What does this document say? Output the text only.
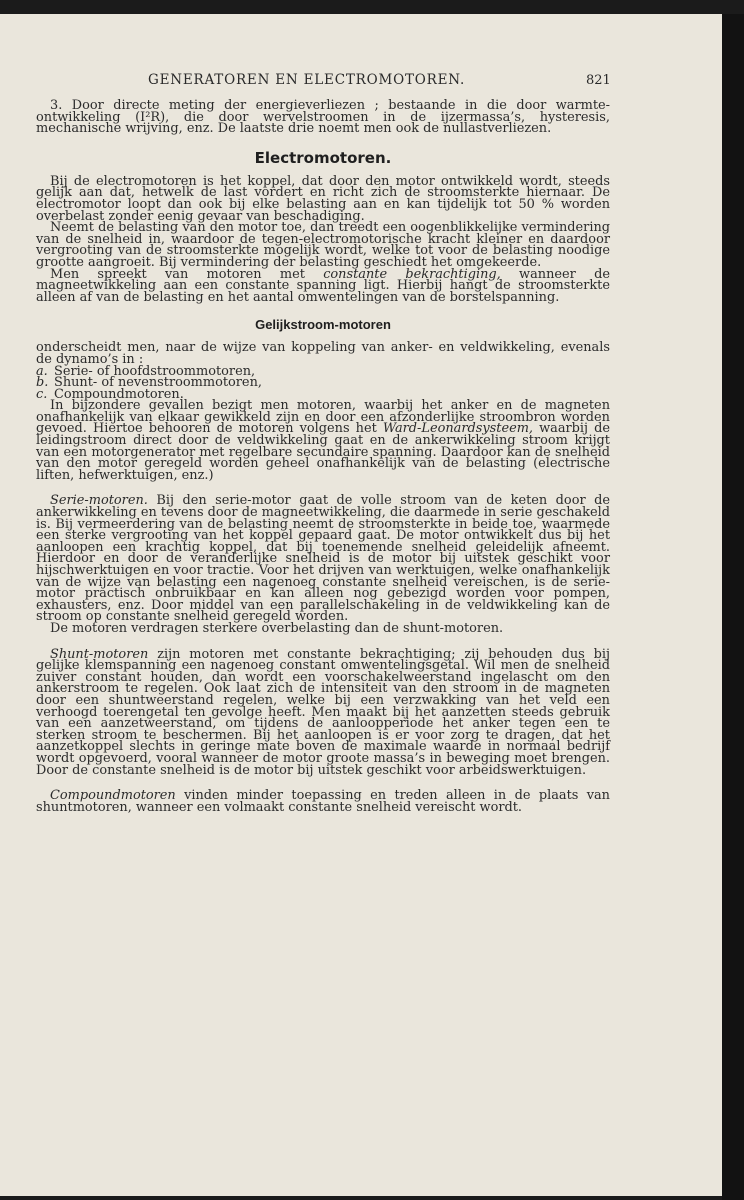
GENERATOREN EN ELECTROMOTOREN.	821

3. Door directe meting der energieverliezen ; bestaande in die door warmte-ontwikkeling (I²R), die door wervelstroomen in de ijzermassa’s, hysteresis, mechanische wrijving, enz. De laatste drie noemt men ook de nullastverliezen.

Electromotoren.

Bij de electromotoren is het koppel, dat door den motor ontwikkeld wordt, steeds gelijk aan dat, hetwelk de last vordert en richt zich de stroomsterkte hiernaar. De electromotor loopt dan ook bij elke belasting aan en kan tijdelijk tot 50 % worden overbelast zonder eenig gevaar van beschadiging.

Neemt de belasting van den motor toe, dan treedt een oogenblikkelijke vermindering van de snelheid in, waardoor de tegen-electromotorische kracht kleiner en daardoor vergrooting van de stroomsterkte mogelijk wordt, welke tot voor de belasting noodige grootte aangroeit. Bij vermindering der belasting geschiedt het omgekeerde.

Men spreekt van motoren met constante bekrachtiging, wanneer de magneetwikkeling aan een constante spanning ligt. Hierbij hangt de stroomsterkte alleen af van de belasting en het aantal omwentelingen van de borstelspanning.

Gelijkstroom-motoren

onderscheidt men, naar de wijze van koppeling van anker- en veldwikkeling, evenals de dynamo’s in :

a. Serie- of hoofdstroommotoren,

b. Shunt- of nevenstroommotoren,

c. Compoundmotoren.

In bijzondere gevallen bezigt men motoren, waarbij het anker en de magneten onafhankelijk van elkaar gewikkeld zijn en door een afzonderlijke stroombron worden gevoed. Hiertoe behooren de motoren volgens het Ward-Leonardsysteem, waarbij de leidingstroom direct door de veldwikkeling gaat en de ankerwikkeling stroom krijgt van een motorgenerator met regelbare secundaire spanning. Daardoor kan de snelheid van den motor geregeld worden geheel onafhankelijk van de belasting (electrische liften, hefwerktuigen, enz.)

Serie-motoren. Bij den serie-motor gaat de volle stroom van de keten door de ankerwikkeling en tevens door de magneetwikkeling, die daarmede in serie geschakeld is. Bij vermeerdering van de belasting neemt de stroomsterkte in beide toe, waarmede een sterke vergrooting van het koppel gepaard gaat. De motor ontwikkelt dus bij het aanloopen een krachtig koppel, dat bij toenemende snelheid geleidelijk afneemt. Hierdoor en door de veranderlijke snelheid is de motor bij uitstek geschikt voor hijschwerktuigen en voor tractie. Voor het drijven van werktuigen, welke onafhankelijk van de wijze van belasting een nagenoeg constante snelheid vereischen, is de serie-motor practisch onbruikbaar en kan alleen nog gebezigd worden voor pompen, exhausters, enz. Door middel van een parallelschakeling in de veldwikkeling kan de stroom op constante snelheid geregeld worden.

De motoren verdragen sterkere overbelasting dan de shunt-motoren.

Shunt-motoren zijn motoren met constante bekrachtiging; zij behouden dus bij gelijke klemspanning een nagenoeg constant omwentelingsgetal. Wil men de snelheid zuiver constant houden, dan wordt een voorschakelweerstand ingelascht om den ankerstroom te regelen. Ook laat zich de intensiteit van den stroom in de magneten door een shuntweerstand regelen, welke bij een verzwakking van het veld een verhoogd toerengetal ten gevolge heeft. Men maakt bij het aanzetten steeds gebruik van een aanzetweerstand, om tijdens de aanloopperiode het anker tegen een te sterken stroom te beschermen. Bij het aanloopen is er voor zorg te dragen, dat het aanzetkoppel slechts in geringe mate boven de maximale waarde in normaal bedrijf wordt opgevoerd, vooral wanneer de motor groote massa’s in beweging moet brengen. Door de constante snelheid is de motor bij uitstek geschikt voor arbeidswerktuigen.

Compoundmotoren vinden minder toepassing en treden alleen in de plaats van shuntmotoren, wanneer een volmaakt constante snelheid vereischt wordt.
